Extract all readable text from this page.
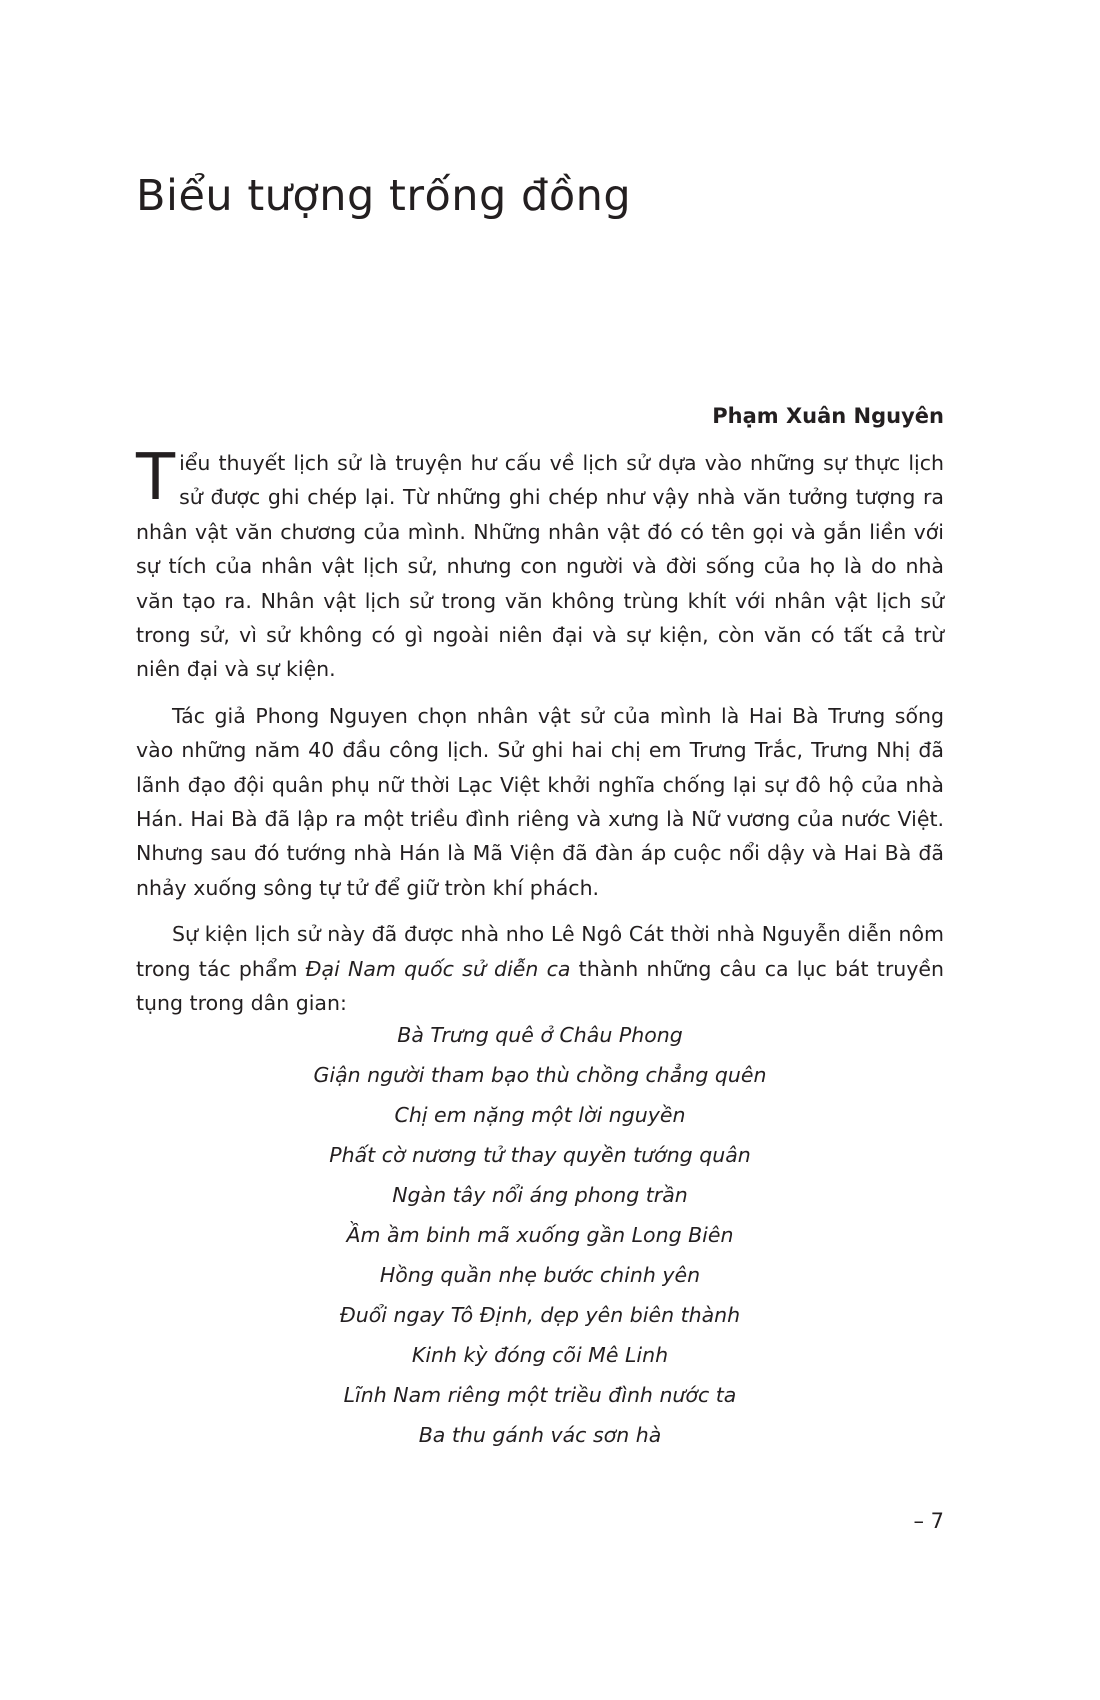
Biểu tượng trống đồng
Phạm Xuân Nguyên

Tiểu thuyết lịch sử là truyện hư cấu về lịch sử dựa vào những sự thực lịch sử được ghi chép lại. Từ những ghi chép như vậy nhà văn tưởng tượng ra nhân vật văn chương của mình. Những nhân vật đó có tên gọi và gắn liền với sự tích của nhân vật lịch sử, nhưng con người và đời sống của họ là do nhà văn tạo ra. Nhân vật lịch sử trong văn không trùng khít với nhân vật lịch sử trong sử, vì sử không có gì ngoài niên đại và sự kiện, còn văn có tất cả trừ niên đại và sự kiện.

Tác giả Phong Nguyen chọn nhân vật sử của mình là Hai Bà Trưng sống vào những năm 40 đầu công lịch. Sử ghi hai chị em Trưng Trắc, Trưng Nhị đã lãnh đạo đội quân phụ nữ thời Lạc Việt khởi nghĩa chống lại sự đô hộ của nhà Hán. Hai Bà đã lập ra một triều đình riêng và xưng là Nữ vương của nước Việt. Nhưng sau đó tướng nhà Hán là Mã Viện đã đàn áp cuộc nổi dậy và Hai Bà đã nhảy xuống sông tự tử để giữ tròn khí phách.

Sự kiện lịch sử này đã được nhà nho Lê Ngô Cát thời nhà Nguyễn diễn nôm trong tác phẩm Đại Nam quốc sử diễn ca thành những câu ca lục bát truyền tụng trong dân gian:

Bà Trưng quê ở Châu Phong
Giận người tham bạo thù chồng chẳng quên
Chị em nặng một lời nguyền
Phất cờ nương tử thay quyền tướng quân
Ngàn tây nổi áng phong trần
Ầm ầm binh mã xuống gần Long Biên
Hồng quần nhẹ bước chinh yên
Đuổi ngay Tô Định, dẹp yên biên thành
Kinh kỳ đóng cõi Mê Linh
Lĩnh Nam riêng một triều đình nước ta
Ba thu gánh vác sơn hà
– 7
